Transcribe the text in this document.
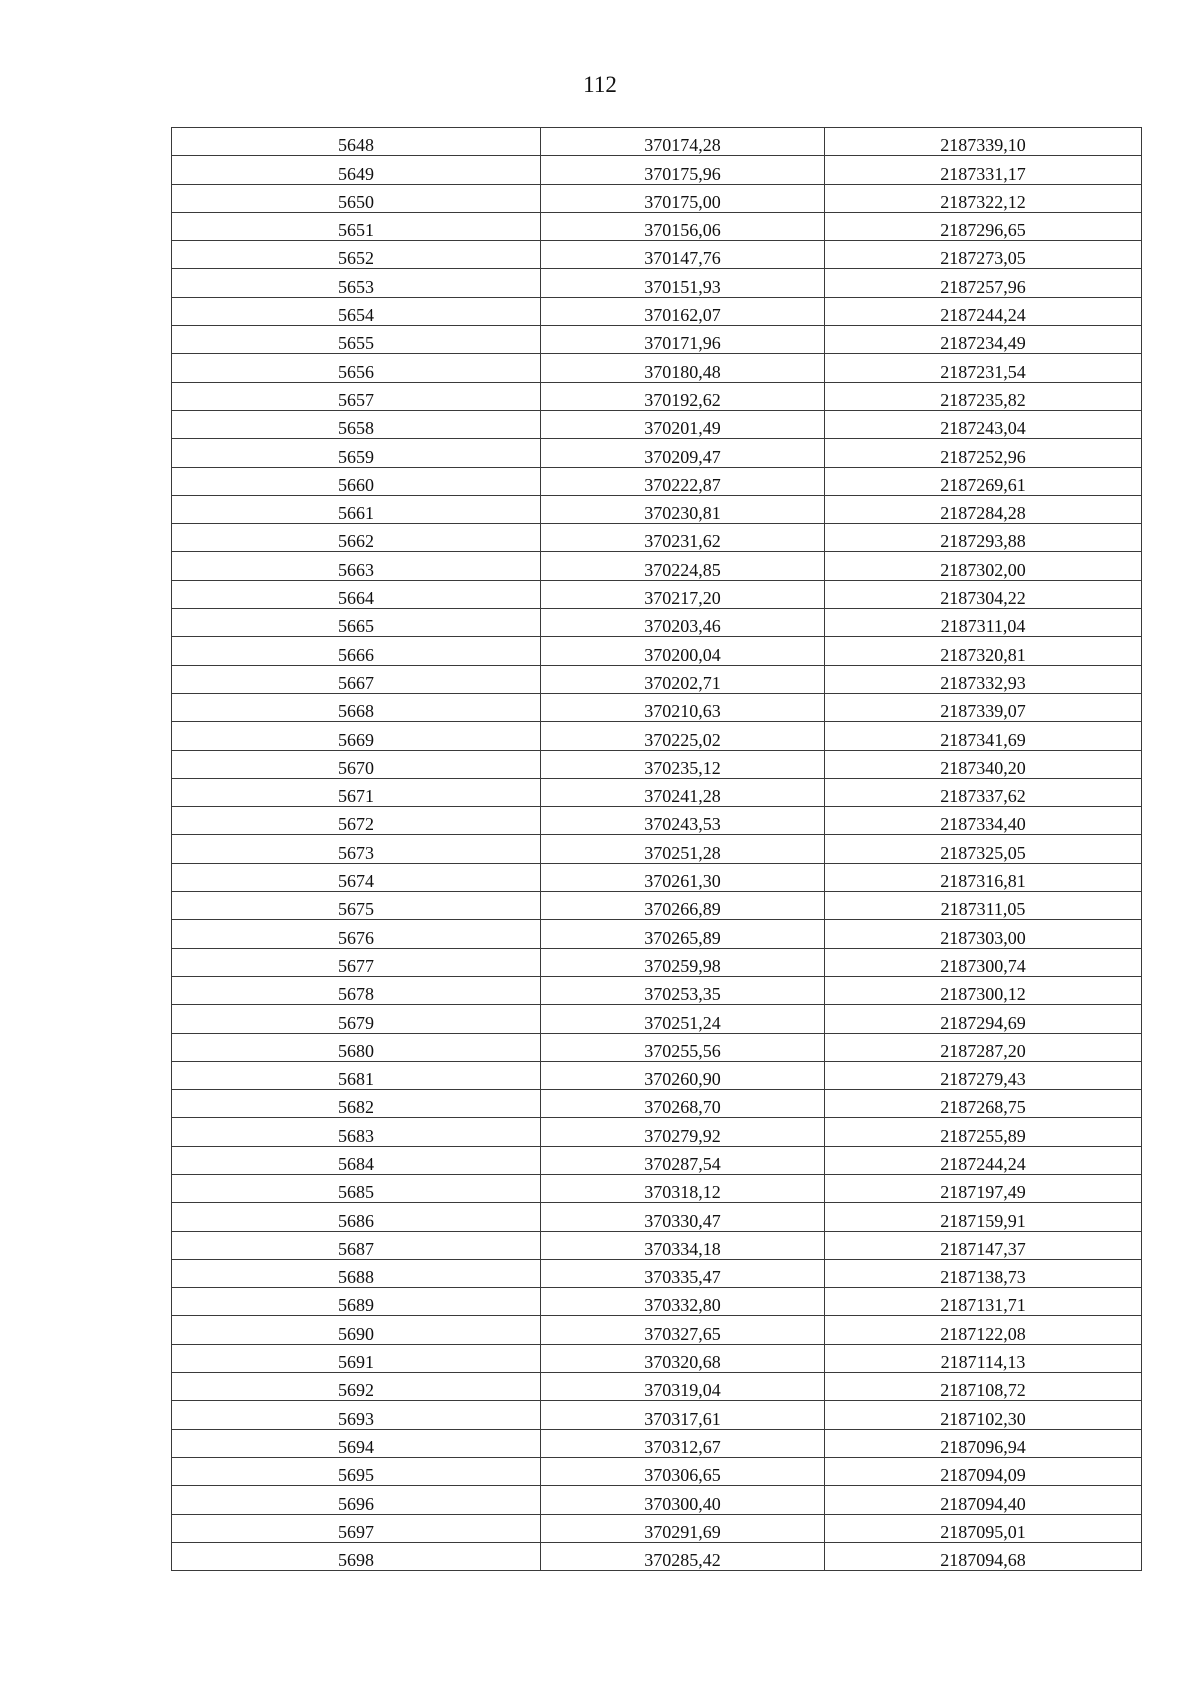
112
5648	370174,28	2187339,10
5649	370175,96	2187331,17
5650	370175,00	2187322,12
5651	370156,06	2187296,65
5652	370147,76	2187273,05
5653	370151,93	2187257,96
5654	370162,07	2187244,24
5655	370171,96	2187234,49
5656	370180,48	2187231,54
5657	370192,62	2187235,82
5658	370201,49	2187243,04
5659	370209,47	2187252,96
5660	370222,87	2187269,61
5661	370230,81	2187284,28
5662	370231,62	2187293,88
5663	370224,85	2187302,00
5664	370217,20	2187304,22
5665	370203,46	2187311,04
5666	370200,04	2187320,81
5667	370202,71	2187332,93
5668	370210,63	2187339,07
5669	370225,02	2187341,69
5670	370235,12	2187340,20
5671	370241,28	2187337,62
5672	370243,53	2187334,40
5673	370251,28	2187325,05
5674	370261,30	2187316,81
5675	370266,89	2187311,05
5676	370265,89	2187303,00
5677	370259,98	2187300,74
5678	370253,35	2187300,12
5679	370251,24	2187294,69
5680	370255,56	2187287,20
5681	370260,90	2187279,43
5682	370268,70	2187268,75
5683	370279,92	2187255,89
5684	370287,54	2187244,24
5685	370318,12	2187197,49
5686	370330,47	2187159,91
5687	370334,18	2187147,37
5688	370335,47	2187138,73
5689	370332,80	2187131,71
5690	370327,65	2187122,08
5691	370320,68	2187114,13
5692	370319,04	2187108,72
5693	370317,61	2187102,30
5694	370312,67	2187096,94
5695	370306,65	2187094,09
5696	370300,40	2187094,40
5697	370291,69	2187095,01
5698	370285,42	2187094,68
